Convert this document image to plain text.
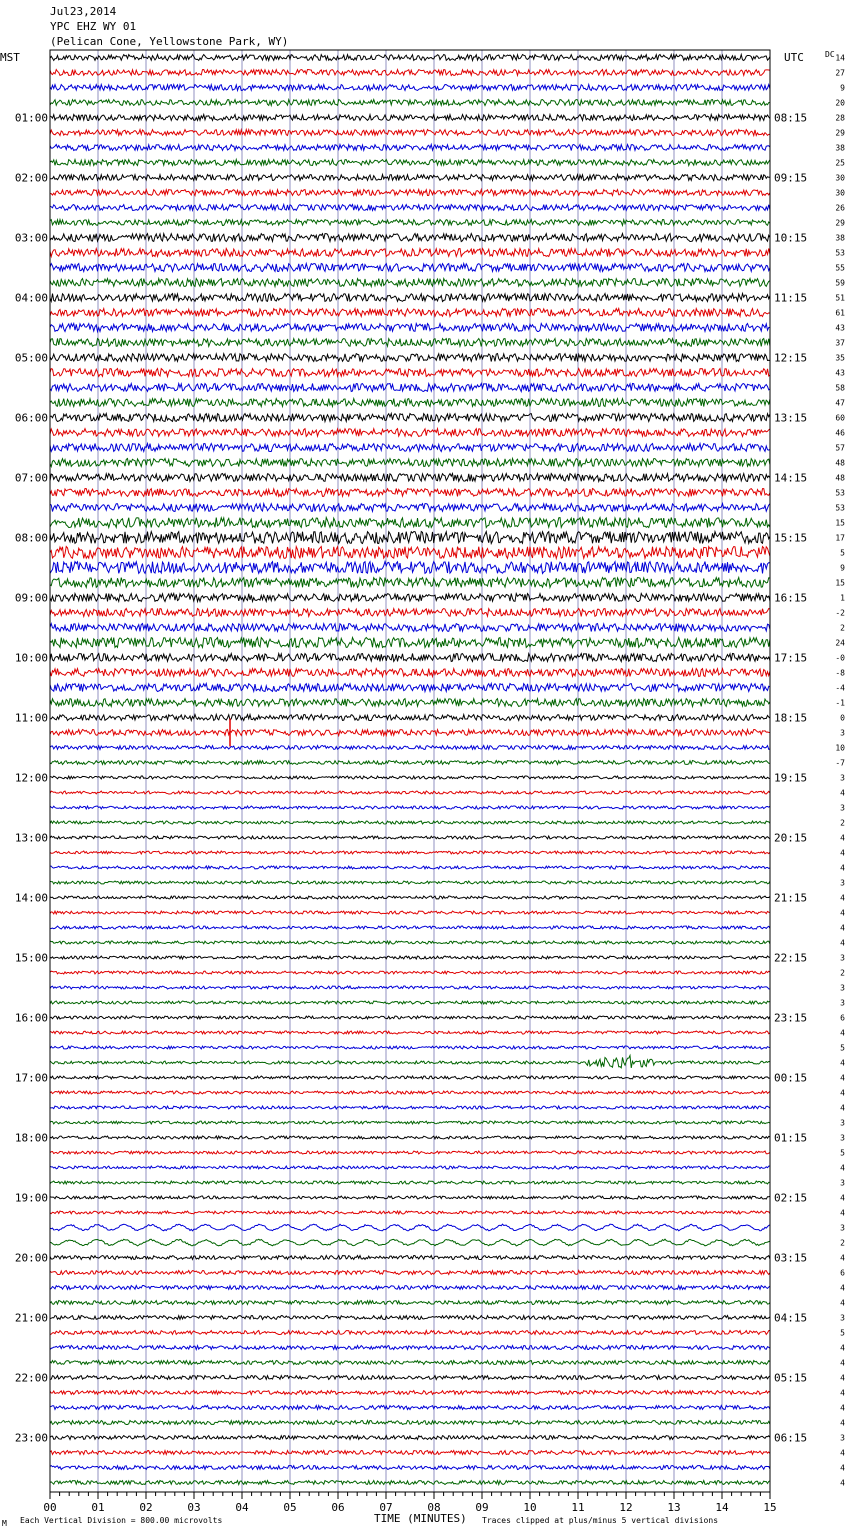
Jul23,2014
YPC EHZ WY 01
(Pelican Cone, Yellowstone Park, WY)
00	01	02	03	04	05	06	07	08	09	10	11	12	13	14	15
01:00
02:00
03:00
04:00
05:00
06:00
07:00
08:00
09:00
10:00
11:00
12:00
13:00
14:00
15:00
16:00
17:00
18:00
19:00
20:00
21:00
22:00
23:00
08:15
09:15
10:15
11:15
12:15
13:15
14:15
15:15
16:15
17:15
18:15
19:15
20:15
21:15
22:15
23:15
00:15
01:15
02:15
03:15
04:15
05:15
06:15
14
27
9
20
28
29
38
25
30
30
26
29
38
53
55
59
51
61
43
37
35
43
58
47
60
46
57
48
48
53
53
15
17
5
9
15
1
-2
2
24
-0
-8
-4
-1
0
3
10
-7
3
4
3
2
4
4
4
3
4
4
4
4
3
2
3
3
6
4
5
4
4
4
4
3
3
5
4
3
4
4
3
2
4
6
4
4
3
5
4
4
4
4
4
4
3
4
4
4
MST	UTC	DC
TIME (MINUTES)
M Each Vertical Division = 800.00 microvolts	Traces clipped at plus/minus 5 vertical divisions
